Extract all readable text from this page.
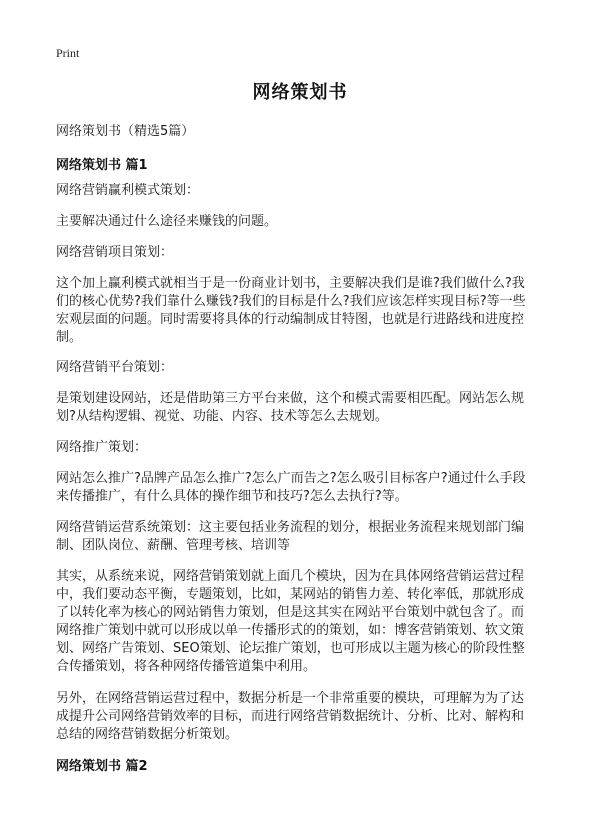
Print
网络策划书

网络策划书（精选5篇）

网络策划书 篇1

网络营销赢利模式策划：

主要解决通过什么途径来赚钱的问题。

网络营销项目策划：

这个加上赢利模式就相当于是一份商业计划书，主要解决我们是谁?我们做什么?我
们的核心优势?我们靠什么赚钱?我们的目标是什么?我们应该怎样实现目标?等一些
宏观层面的问题。同时需要将具体的行动编制成甘特图，也就是行进路线和进度控
制。

网络营销平台策划：

是策划建设网站，还是借助第三方平台来做，这个和模式需要相匹配。网站怎么规
划?从结构逻辑、视觉、功能、内容、技术等怎么去规划。

网络推广策划：

网站怎么推广?品牌产品怎么推广?怎么广而告之?怎么吸引目标客户?通过什么手段
来传播推广，有什么具体的操作细节和技巧?怎么去执行?等。

网络营销运营系统策划：这主要包括业务流程的划分，根据业务流程来规划部门编
制、团队岗位、薪酬、管理考核、培训等

其实，从系统来说，网络营销策划就上面几个模块，因为在具体网络营销运营过程
中，我们要动态平衡，专题策划，比如，某网站的销售力差、转化率低，那就形成
了以转化率为核心的网站销售力策划，但是这其实在网站平台策划中就包含了。而
网络推广策划中就可以形成以单一传播形式的的策划，如：博客营销策划、软文策
划、网络广告策划、SEO策划、论坛推广策划，也可形成以主题为核心的阶段性整
合传播策划，将各种网络传播管道集中利用。

另外，在网络营销运营过程中，数据分析是一个非常重要的模块，可理解为为了达
成提升公司网络营销效率的目标，而进行网络营销数据统计、分析、比对、解构和
总结的网络营销数据分析策划。

网络策划书 篇2
